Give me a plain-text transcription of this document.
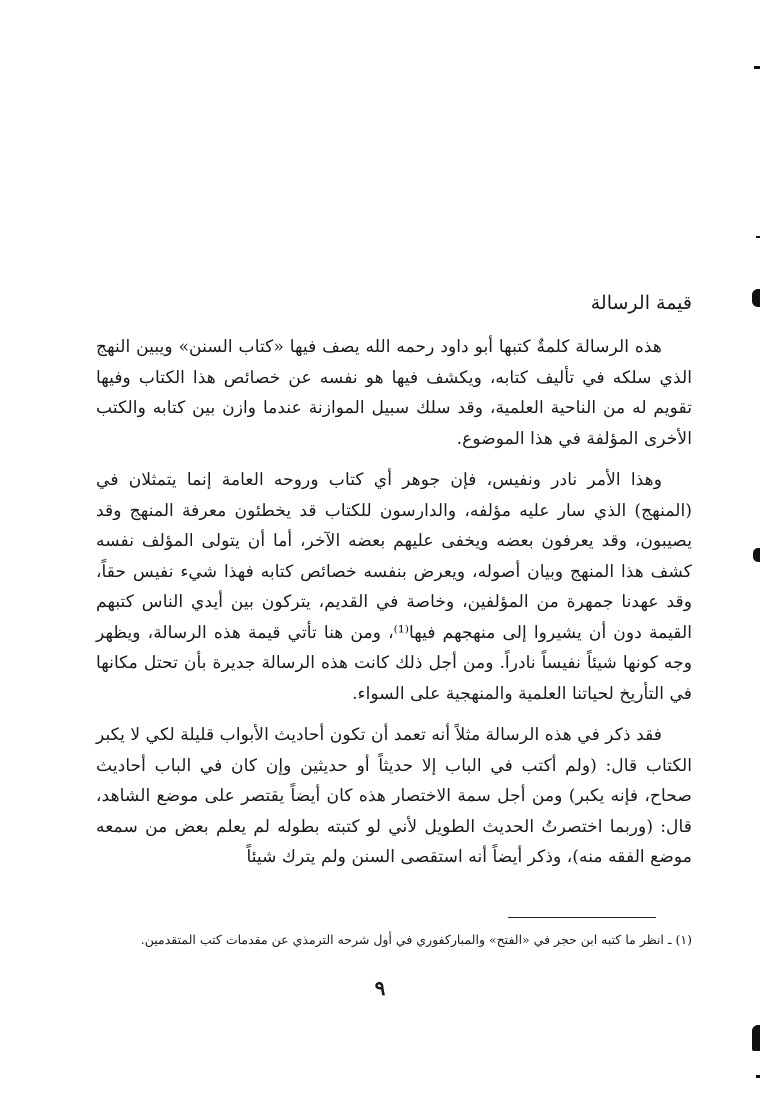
قيمة الرسالة

هذه الرسالة كلمةٌ كتبها أبو داود رحمه الله يصف فيها «كتاب السنن» ويبين النهج الذي سلكه في تأليف كتابه، ويكشف فيها هو نفسه عن خصائص هذا الكتاب وفيها تقويم له من الناحية العلمية، وقد سلك سبيل الموازنة عندما وازن بين كتابه والكتب الأخرى المؤلفة في هذا الموضوع.

وهذا الأمر نادر ونفيس، فإن جوهر أي كتاب وروحه العامة إنما يتمثلان في (المنهج) الذي سار عليه مؤلفه، والدارسون للكتاب قد يخطئون معرفة المنهج وقد يصيبون، وقد يعرفون بعضه ويخفى عليهم بعضه الآخر، أما أن يتولى المؤلف نفسه كشف هذا المنهج وبيان أصوله، ويعرض بنفسه خصائص كتابه فهذا شيء نفيس حقاً، وقد عهدنا جمهرة من المؤلفين، وخاصة في القديم، يتركون بين أيدي الناس كتبهم القيمة دون أن يشيروا إلى منهجهم فيها⁽¹⁾، ومن هنا تأتي قيمة هذه الرسالة، ويظهر وجه كونها شيئاً نفيساً نادراً. ومن أجل ذلك كانت هذه الرسالة جديرة بأن تحتل مكانها في التأريخ لحياتنا العلمية والمنهجية على السواء.

فقد ذكر في هذه الرسالة مثلاً أنه تعمد أن تكون أحاديث الأبواب قليلة لكي لا يكبر الكتاب قال: (ولم أكتب في الباب إلا حديثاً أو حديثين وإن كان في الباب أحاديث صحاح، فإنه يكبر) ومن أجل سمة الاختصار هذه كان أيضاً يقتصر على موضع الشاهد، قال: (وربما اختصرتُ الحديث الطويل لأني لو كتبته بطوله لم يعلم بعض من سمعه موضع الفقه منه)، وذكر أيضاً أنه استقصى السنن ولم يترك شيئاً

(١) ـ انظر ما كتبه ابن حجر في «الفتح» والمباركفوري في أول شرحه الترمذي عن مقدمات كتب المتقدمين.
٩
